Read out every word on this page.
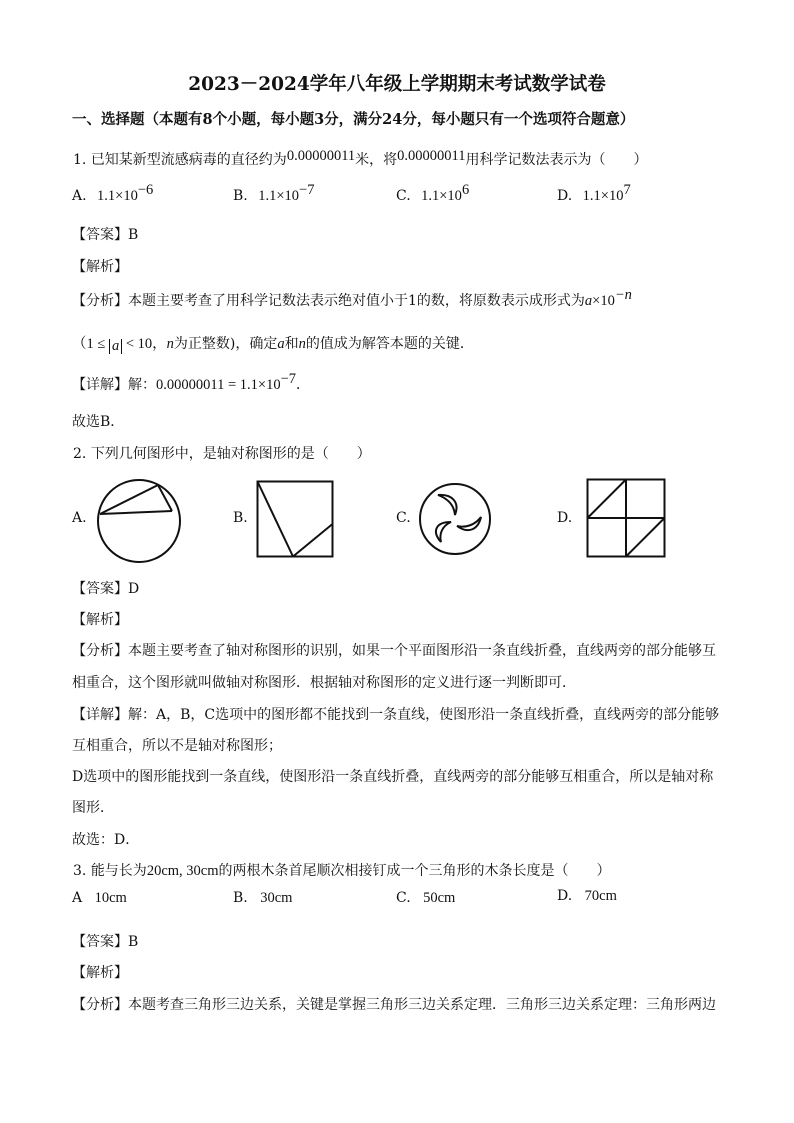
2023－2024学年八年级上学期期末考试数学试卷
一、选择题（本题有8个小题，每小题3分，满分24分，每小题只有一个选项符合题意）
1. 已知某新型流感病毒的直径约为0.00000011米，将0.00000011用科学记数法表示为（　　）
A. $1.1\times 10^{-6}$	B. $1.1\times 10^{-7}$	C. $1.1\times 10^6$	D. $1.1\times 10^7$
【答案】B
【解析】
【分析】本题主要考查了用科学记数法表示绝对值小于1的数，将原数表示成形式为$a\times 10^{-n}$
（1 ≤ a < 10，n为正整数)，确定a和n的值成为解答本题的关键．
【详解】解：$0.00000011 = 1.1\times 10^{-7}$．
故选B．
2. 下列几何图形中，是轴对称图形的是（　　）
A.	B.	C.	D.
【答案】D
【解析】
【分析】本题主要考查了轴对称图形的识别，如果一个平面图形沿一条直线折叠，直线两旁的部分能够互
相重合，这个图形就叫做轴对称图形．根据轴对称图形的定义进行逐一判断即可．
【详解】解：A，B，C选项中的图形都不能找到一条直线，使图形沿一条直线折叠，直线两旁的部分能够
互相重合，所以不是轴对称图形；
D选项中的图形能找到一条直线，使图形沿一条直线折叠，直线两旁的部分能够互相重合，所以是轴对称
图形．
故选：D．
3. 能与长为20cm, 30cm的两根木条首尾顺次相接钉成一个三角形的木条长度是（　　）
A 10cm	B. 30cm	C. 50cm	D. 70cm
【答案】B
【解析】
【分析】本题考查三角形三边关系，关键是掌握三角形三边关系定理．三角形三边关系定理：三角形两边
